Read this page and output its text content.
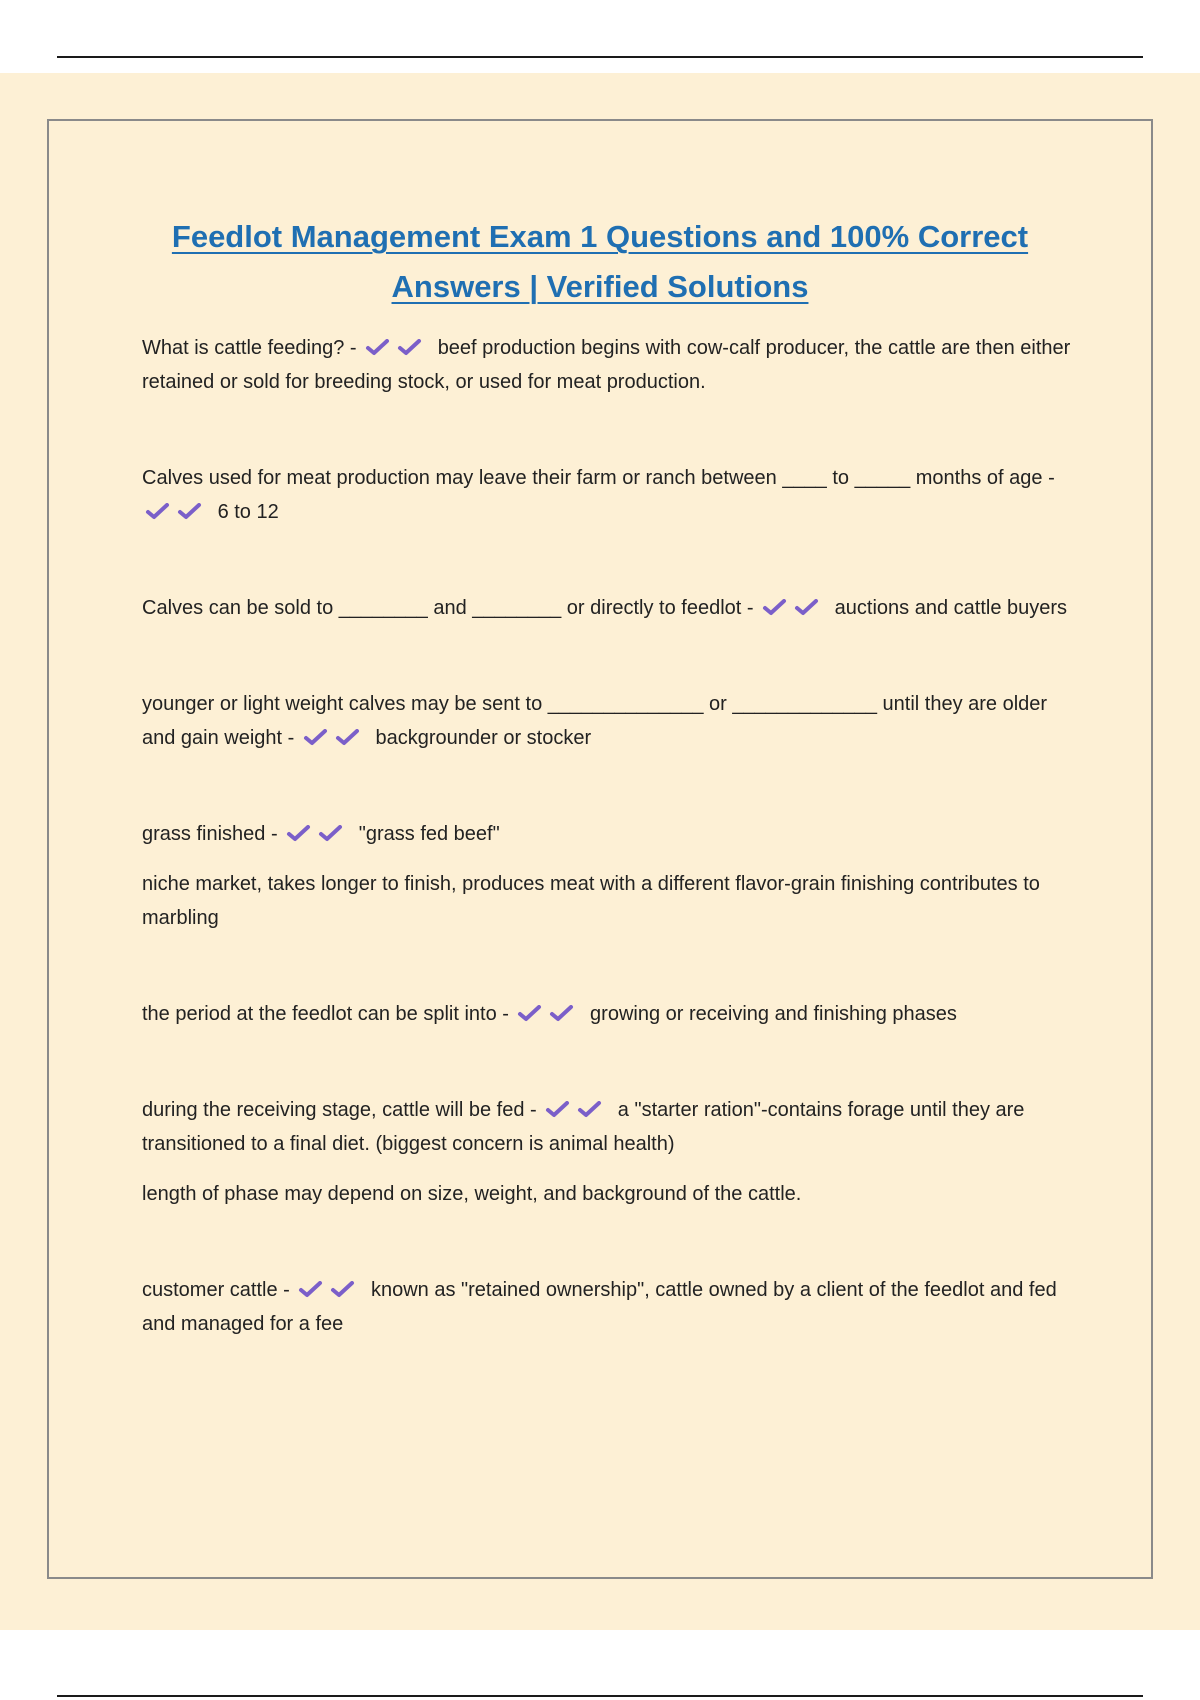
Feedlot Management Exam 1 Questions and 100% Correct Answers | Verified Solutions

What is cattle feeding? -	beef production begins with cow-calf producer, the cattle are then either retained or sold for breeding stock, or used for meat production.

Calves used for meat production may leave their farm or ranch between ____ to _____ months of age -
6 to 12

Calves can be sold to ________ and ________ or directly to feedlot -	auctions and cattle buyers

younger or light weight calves may be sent to ______________ or _____________ until they are older and gain weight -	backgrounder or stocker

grass finished -	"grass fed beef"

niche market, takes longer to finish, produces meat with a different flavor-grain finishing contributes to marbling

the period at the feedlot can be split into -	growing or receiving and finishing phases

during the receiving stage, cattle will be fed -	a "starter ration"-contains forage until they are transitioned to a final diet. (biggest concern is animal health)

length of phase may depend on size, weight, and background of the cattle.

customer cattle -	known as "retained ownership", cattle owned by a client of the feedlot and fed and managed for a fee
